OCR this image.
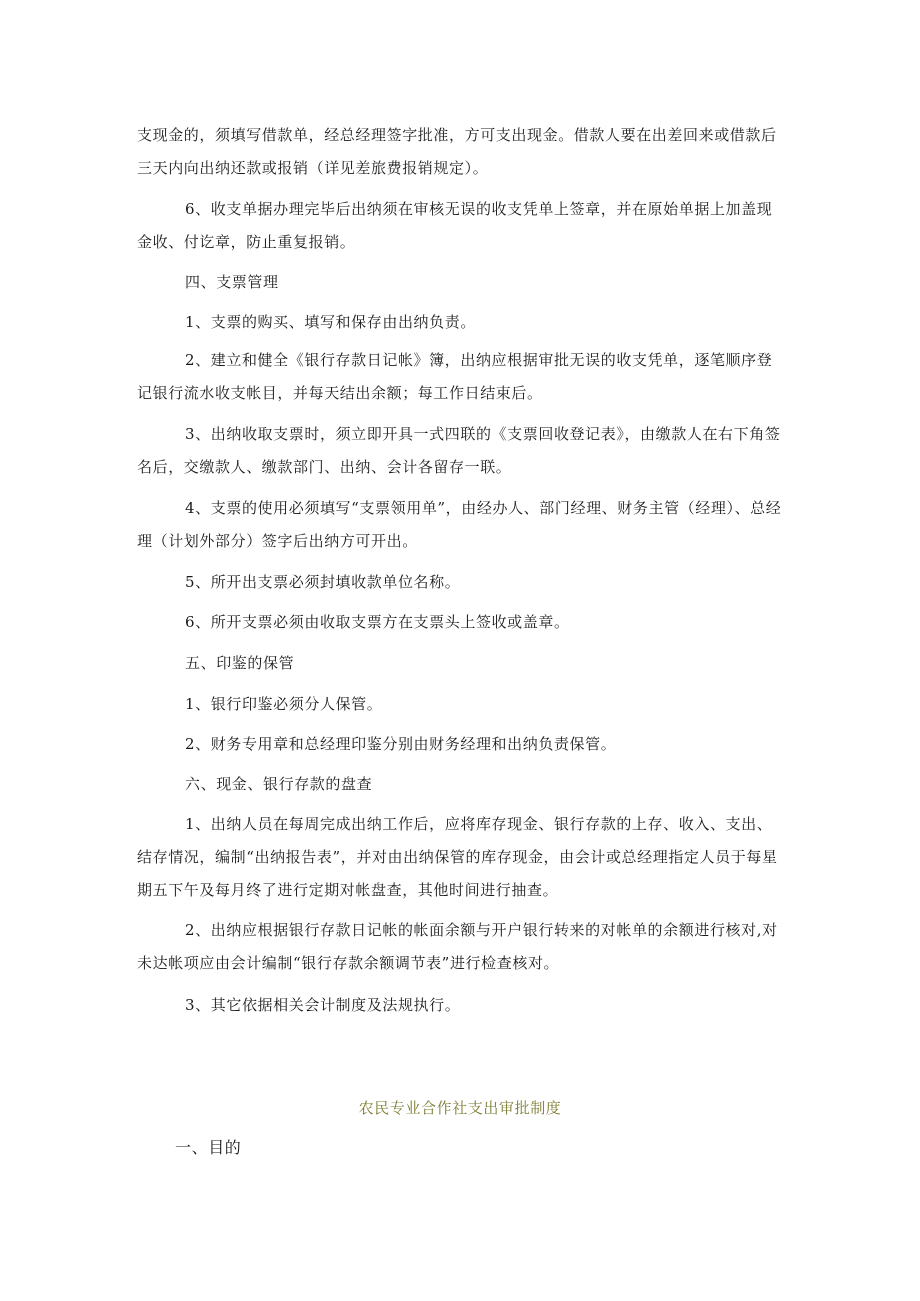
支现金的，须填写借款单，经总经理签字批准，方可支出现金。借款人要在出差回来或借款后三天内向出纳还款或报销（详见差旅费报销规定）。

6、收支单据办理完毕后出纳须在审核无误的收支凭单上签章，并在原始单据上加盖现金收、付讫章，防止重复报销。

四、支票管理

1、支票的购买、填写和保存由出纳负责。

2、建立和健全《银行存款日记帐》簿，出纳应根据审批无误的收支凭单，逐笔顺序登记银行流水收支帐目，并每天结出余额；每工作日结束后。

3、出纳收取支票时，须立即开具一式四联的《支票回收登记表》，由缴款人在右下角签名后，交缴款人、缴款部门、出纳、会计各留存一联。

4、支票的使用必须填写“支票领用单”，由经办人、部门经理、财务主管（经理）、总经理（计划外部分）签字后出纳方可开出。

5、所开出支票必须封填收款单位名称。

6、所开支票必须由收取支票方在支票头上签收或盖章。

五、印鉴的保管

1、银行印鉴必须分人保管。

2、财务专用章和总经理印鉴分别由财务经理和出纳负责保管。

六、现金、银行存款的盘查

1、出纳人员在每周完成出纳工作后，应将库存现金、银行存款的上存、收入、支出、结存情况，编制“出纳报告表”，并对由出纳保管的库存现金，由会计或总经理指定人员于每星期五下午及每月终了进行定期对帐盘查，其他时间进行抽查。

2、出纳应根据银行存款日记帐的帐面余额与开户银行转来的对帐单的余额进行核对,对未达帐项应由会计编制“银行存款余额调节表”进行检查核对。

3、其它依据相关会计制度及法规执行。

农民专业合作社支出审批制度

一、目的
